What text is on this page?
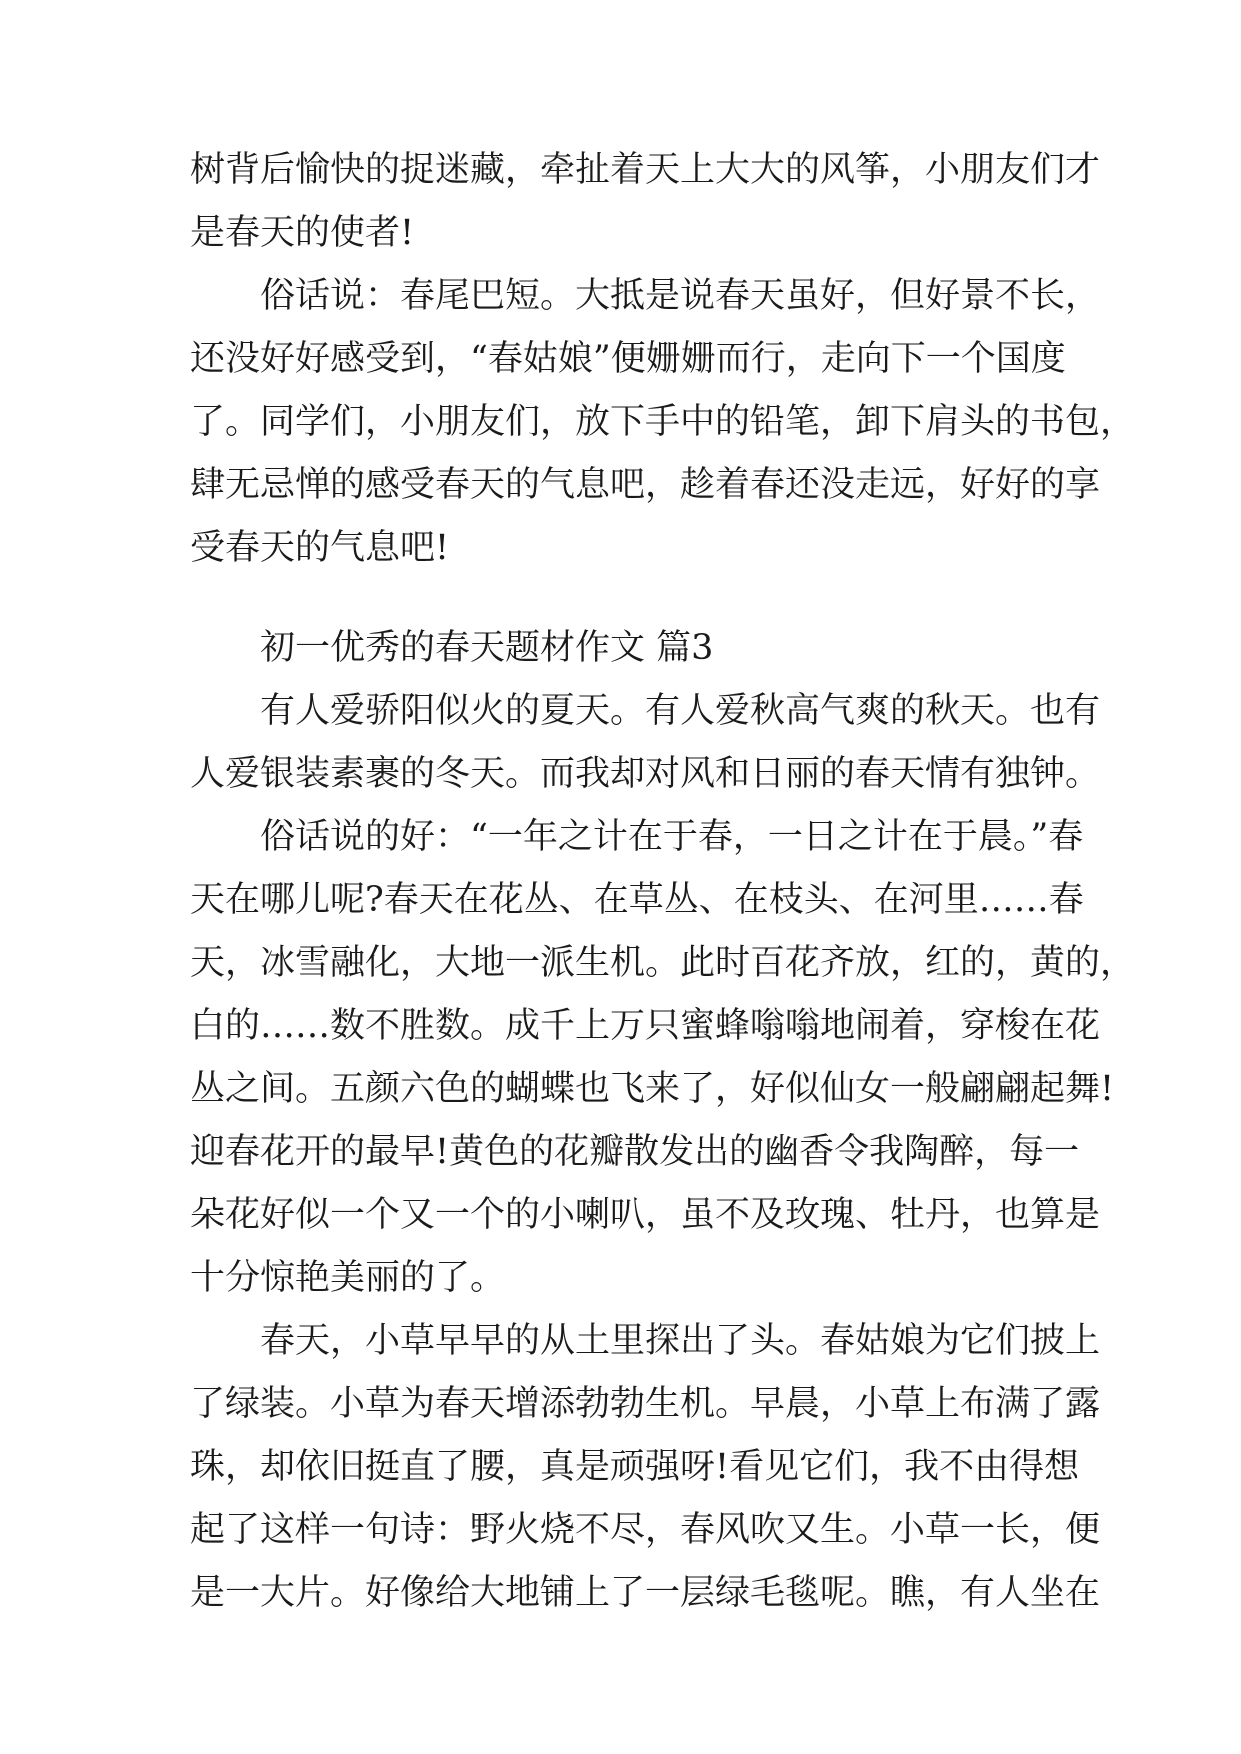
树背后愉快的捉迷藏，牵扯着天上大大的风筝，小朋友们才
是春天的使者!
俗话说：春尾巴短。大抵是说春天虽好，但好景不长，
还没好好感受到，“春姑娘”便姗姗而行，走向下一个国度
了。同学们，小朋友们，放下手中的铅笔，卸下肩头的书包，
肆无忌惮的感受春天的气息吧，趁着春还没走远，好好的享
受春天的气息吧!
初一优秀的春天题材作文 篇3
有人爱骄阳似火的夏天。有人爱秋高气爽的秋天。也有
人爱银装素裹的冬天。而我却对风和日丽的春天情有独钟。
俗话说的好：“一年之计在于春，一日之计在于晨。”春
天在哪儿呢?春天在花丛、在草丛、在枝头、在河里……春
天，冰雪融化，大地一派生机。此时百花齐放，红的，黄的，
白的……数不胜数。成千上万只蜜蜂嗡嗡地闹着，穿梭在花
丛之间。五颜六色的蝴蝶也飞来了，好似仙女一般翩翩起舞!
迎春花开的最早!黄色的花瓣散发出的幽香令我陶醉，每一
朵花好似一个又一个的小喇叭，虽不及玫瑰、牡丹，也算是
十分惊艳美丽的了。
春天，小草早早的从土里探出了头。春姑娘为它们披上
了绿装。小草为春天增添勃勃生机。早晨，小草上布满了露
珠，却依旧挺直了腰，真是顽强呀!看见它们，我不由得想
起了这样一句诗：野火烧不尽，春风吹又生。小草一长，便
是一大片。好像给大地铺上了一层绿毛毯呢。瞧，有人坐在
